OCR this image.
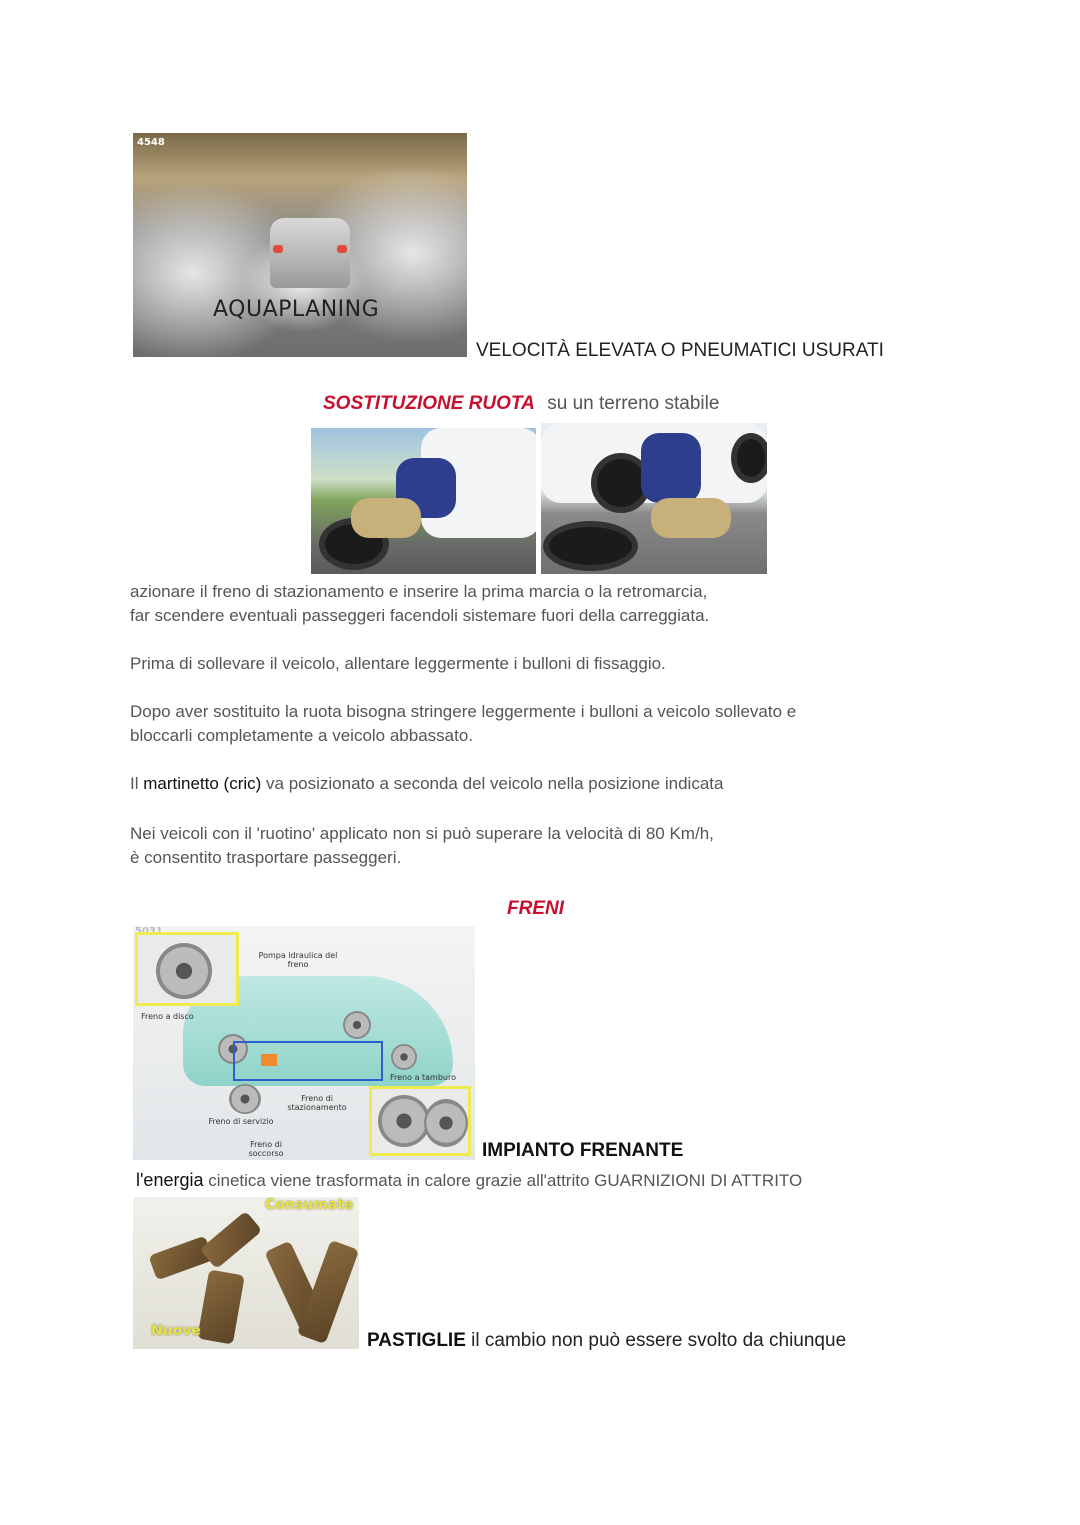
4548
AQUAPLANING
VELOCITÀ ELEVATA O PNEUMATICI USURATI
SOSTITUZIONE RUOTA su un terreno stabile
azionare il freno di stazionamento e inserire la prima marcia o la retromarcia,
far scendere eventuali passeggeri facendoli sistemare fuori della carreggiata.
Prima di sollevare il veicolo, allentare leggermente i bulloni di fissaggio.
Dopo aver sostituito la ruota bisogna stringere leggermente i bulloni a veicolo sollevato e
bloccarli completamente a veicolo abbassato.
Il martinetto (cric) va posizionato a seconda del veicolo nella posizione indicata
Nei veicoli con il 'ruotino' applicato non si può superare la velocità di 80 Km/h,
è consentito trasportare passeggeri.
FRENI
Pompa idraulica del freno
Freno a disco
Freno a tamburo
Freno di stazionamento
Freno di servizio
Freno di soccorso	IMPIANTO FRENANTE
l'energia cinetica viene trasformata in calore grazie all'attrito GUARNIZIONI DI ATTRITO
Consumate
Nuove	PASTIGLIE il cambio non può essere svolto da chiunque
